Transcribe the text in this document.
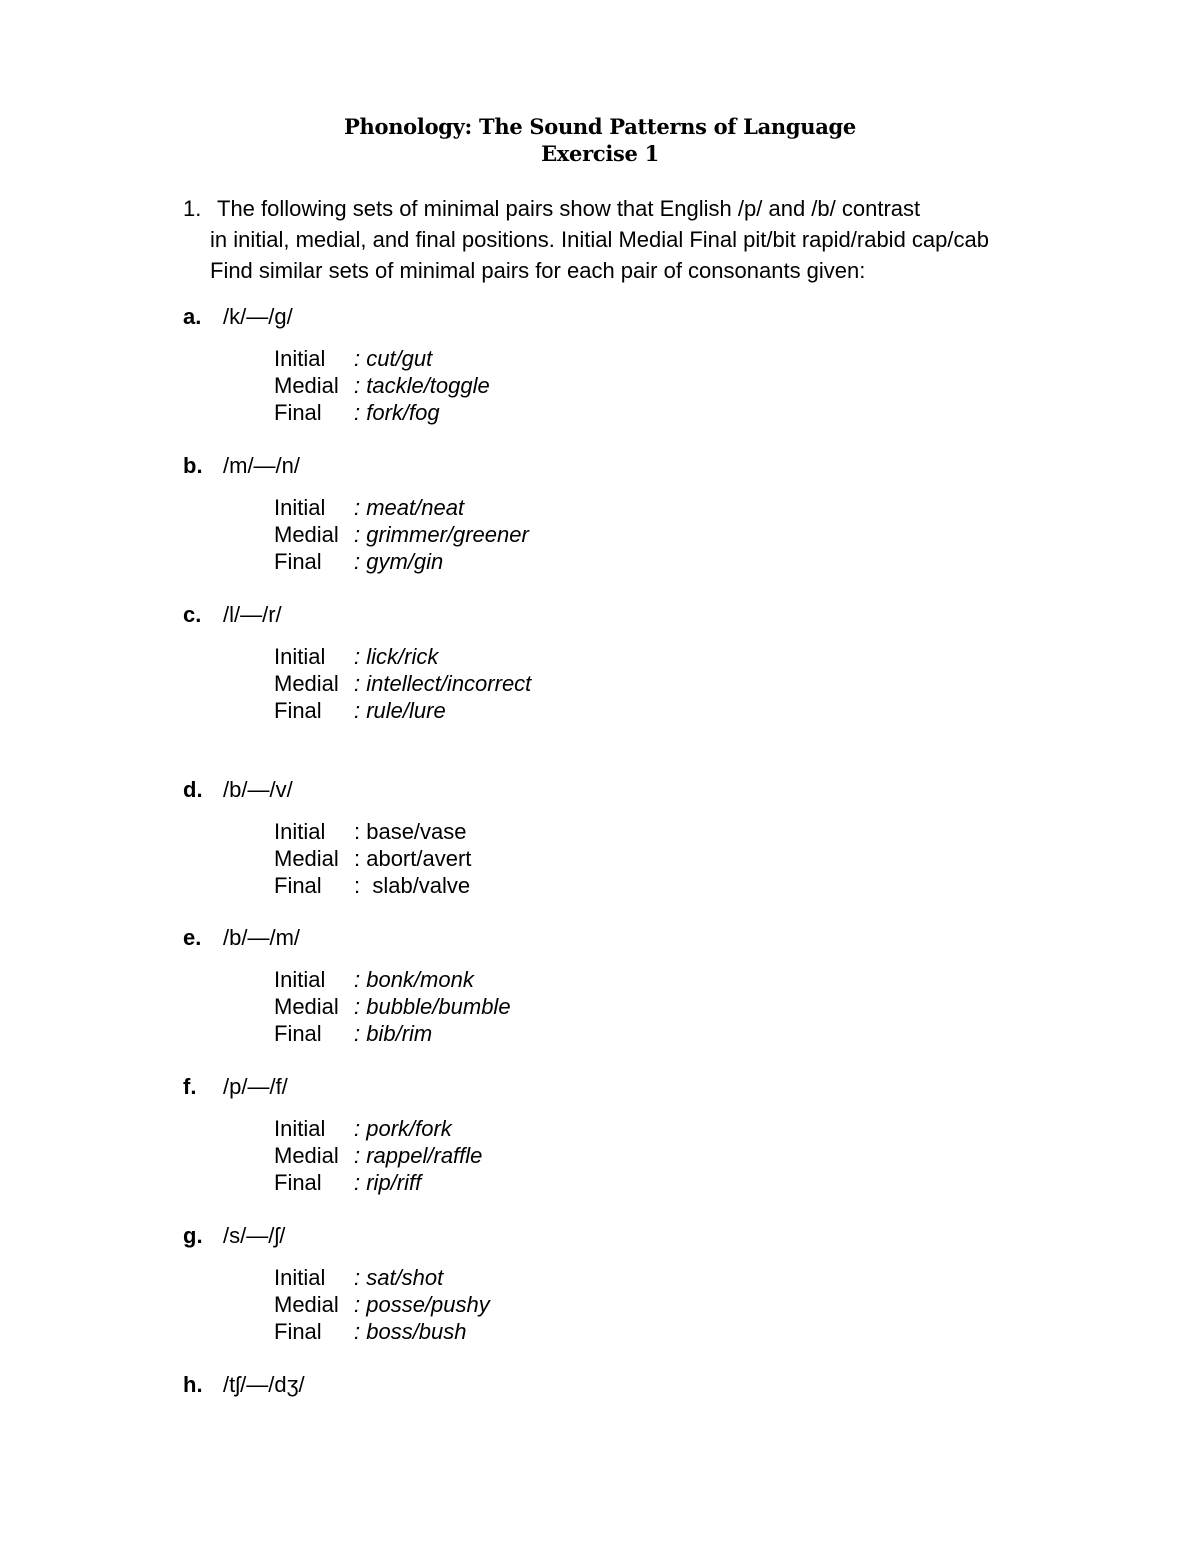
Phonology: The Sound Patterns of Language
Exercise 1
1. The following sets of minimal pairs show that English /p/ and /b/ contrast
in initial, medial, and final positions. Initial Medial Final pit/bit rapid/rabid cap/cab
Find similar sets of minimal pairs for each pair of consonants given:
a. /k/—/g/
Initial : cut/gut
Medial : tackle/toggle
Final : fork/fog
b. /m/—/n/
Initial : meat/neat
Medial : grimmer/greener
Final : gym/gin
c. /l/—/r/
Initial : lick/rick
Medial : intellect/incorrect
Final : rule/lure
d. /b/—/v/
Initial : base/vase
Medial : abort/avert
Final :  slab/valve
e. /b/—/m/
Initial : bonk/monk
Medial : bubble/bumble
Final : bib/rim
f. /p/—/f/
Initial : pork/fork
Medial : rappel/raffle
Final : rip/riff
g. /s/—/ʃ/
Initial : sat/shot
Medial : posse/pushy
Final : boss/bush
h. /tʃ/—/dʒ/
